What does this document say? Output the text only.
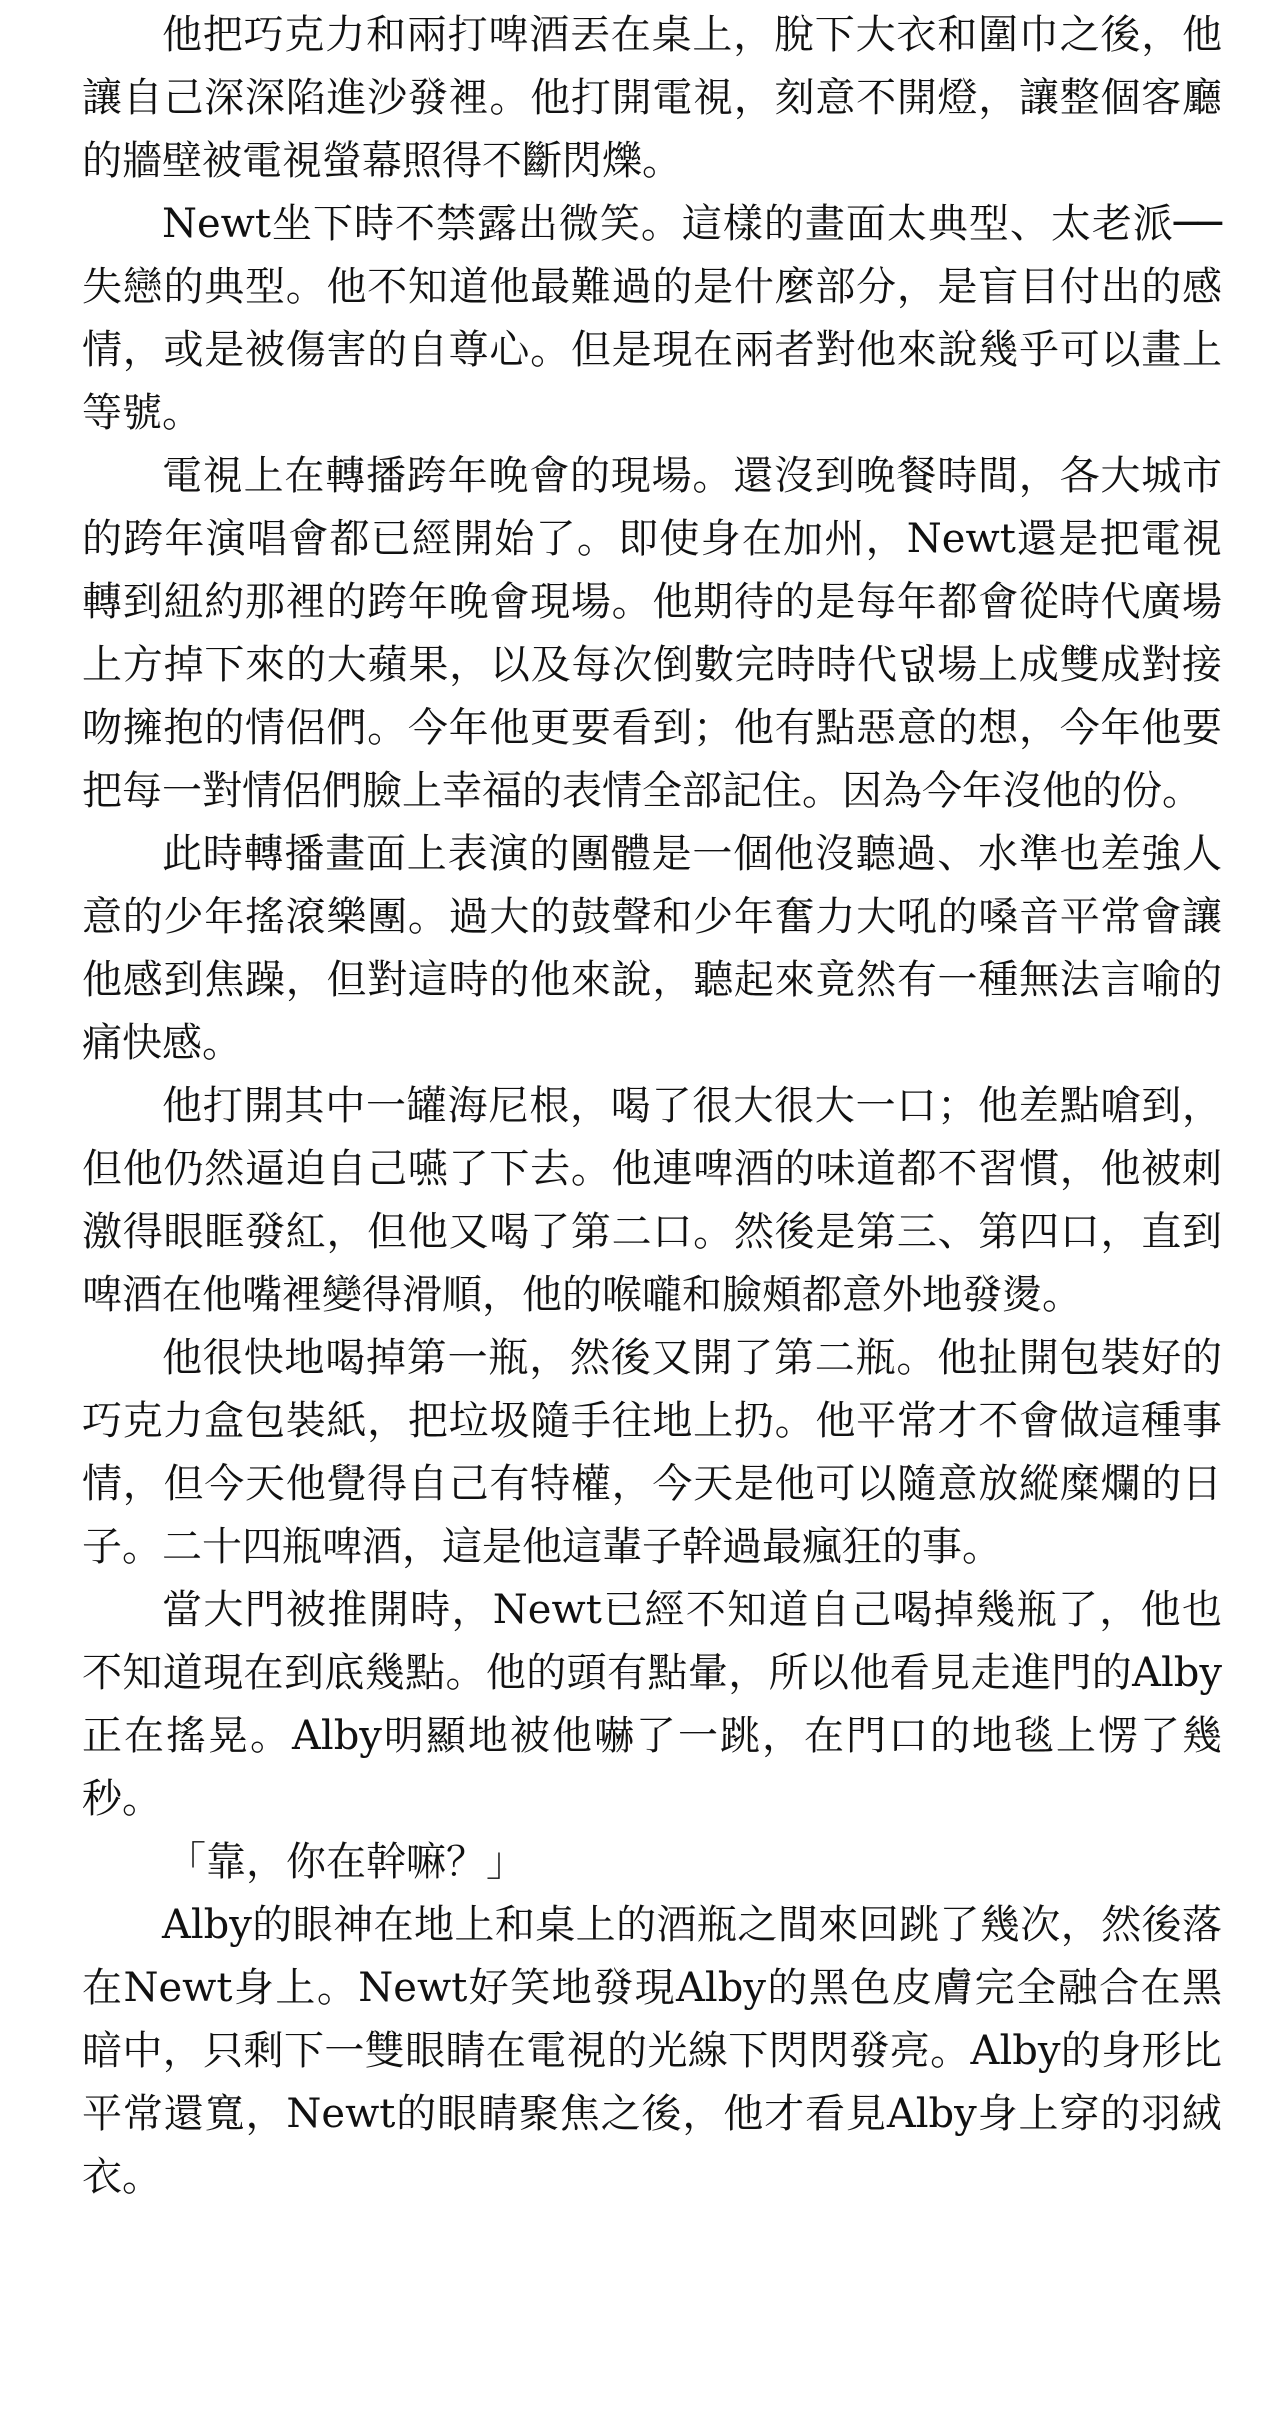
他把巧克力和兩打啤酒丟在桌上，脫下大衣和圍巾之後，他讓自己深深陷進沙發裡。他打開電視，刻意不開燈，讓整個客廳的牆壁被電視螢幕照得不斷閃爍。

Newt坐下時不禁露出微笑。這樣的畫面太典型、太老派──失戀的典型。他不知道他最難過的是什麼部分，是盲目付出的感情，或是被傷害的自尊心。但是現在兩者對他來說幾乎可以畫上等號。

電視上在轉播跨年晚會的現場。還沒到晚餐時間，各大城市的跨年演唱會都已經開始了。即使身在加州，Newt還是把電視轉到紐約那裡的跨年晚會現場。他期待的是每年都會從時代廣場上方掉下來的大蘋果，以及每次倒數完時時代댒場上成雙成對接吻擁抱的情侶們。今年他更要看到；他有點惡意的想，今年他要把每一對情侶們臉上幸福的表情全部記住。因為今年沒他的份。

此時轉播畫面上表演的團體是一個他沒聽過、水準也差強人意的少年搖滾樂團。過大的鼓聲和少年奮力大吼的嗓音平常會讓他感到焦躁，但對這時的他來說，聽起來竟然有一種無法言喻的痛快感。

他打開其中一罐海尼根，喝了很大很大一口；他差點嗆到，但他仍然逼迫自己嚥了下去。他連啤酒的味道都不習慣，他被刺激得眼眶發紅，但他又喝了第二口。然後是第三、第四口，直到啤酒在他嘴裡變得滑順，他的喉嚨和臉頰都意外地發燙。

他很快地喝掉第一瓶，然後又開了第二瓶。他扯開包裝好的巧克力盒包裝紙，把垃圾隨手往地上扔。他平常才不會做這種事情，但今天他覺得自己有特權，今天是他可以隨意放縱糜爛的日子。二十四瓶啤酒，這是他這輩子幹過最瘋狂的事。

當大門被推開時，Newt已經不知道自己喝掉幾瓶了，他也不知道現在到底幾點。他的頭有點暈，所以他看見走進門的Alby正在搖晃。Alby明顯地被他嚇了一跳，在門口的地毯上愣了幾秒。

「靠，你在幹嘛？」

Alby的眼神在地上和桌上的酒瓶之間來回跳了幾次，然後落在Newt身上。Newt好笑地發現Alby的黑色皮膚完全融合在黑暗中，只剩下一雙眼睛在電視的光線下閃閃發亮。Alby的身形比平常還寬，Newt的眼睛聚焦之後，他才看見Alby身上穿的羽絨衣。
